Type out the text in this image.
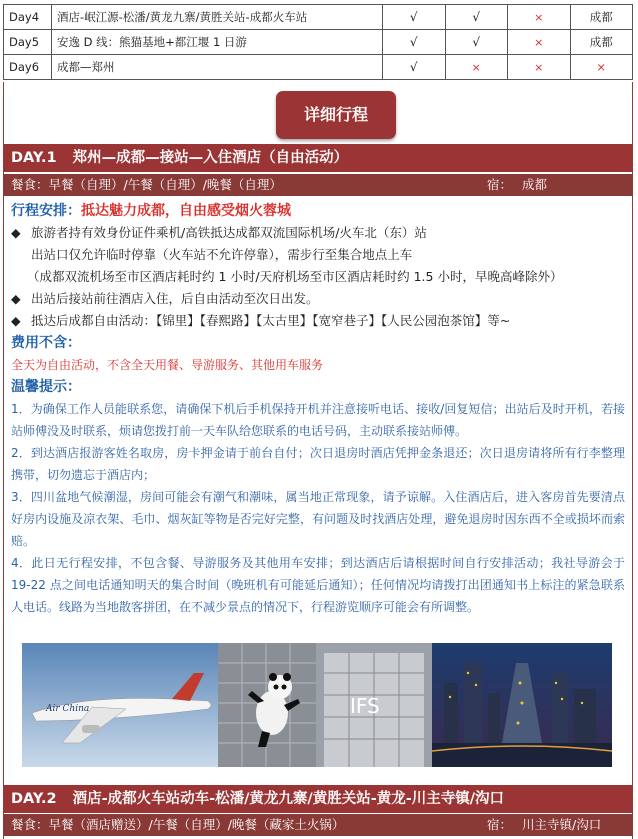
Day4	酒店-岷江源-松潘/黄龙九寨/黄胜关站-成都火车站	√	√	×	成都
Day5	安逸 D 线：熊猫基地+都江堰 1 日游	√	√	×	成都
Day6	成都—郑州	√	×	×	×
详细行程
DAY.1 郑州—成都—接站—入住酒店（自由活动）
餐食：早餐（自理）/午餐（自理）/晚餐（自理）	宿： 成都
行程安排：抵达魅力成都，自由感受烟火蓉城
◆ 旅游者持有效身份证件乘机/高铁抵达成都双流国际机场/火车北（东）站
出站口仅允许临时停靠（火车站不允许停靠），需步行至集合地点上车
（成都双流机场至市区酒店耗时约 1 小时/天府机场至市区酒店耗时约 1.5 小时，早晚高峰除外）
◆ 出站后接站前往酒店入住，后自由活动至次日出发。
◆ 抵达后成都自由活动：【锦里】【春熙路】【太古里】【宽窄巷子】【人民公园泡茶馆】等~
费用不含：
全天为自由活动，不含全天用餐、导游服务、其他用车服务
温馨提示：
1．为确保工作人员能联系您，请确保下机后手机保持开机并注意接听电话、接收/回复短信；出站后及时开机，若接站师傅没及时联系，烦请您拨打前一天车队给您联系的电话号码，主动联系接站师傅。
2．到达酒店报游客姓名取房，房卡押金请于前台自付；次日退房时酒店凭押金条退还；次日退房请将所有行李整理携带，切勿遗忘于酒店内；
3．四川盆地气候潮湿，房间可能会有潮气和潮味，属当地正常现象，请予谅解。入住酒店后，进入客房首先要清点好房内设施及凉衣架、毛巾、烟灰缸等物是否完好完整，有问题及时找酒店处理，避免退房时因东西不全或损坏而索赔。
4．此日无行程安排，不包含餐、导游服务及其他用车安排；到达酒店后请根据时间自行安排活动；我社导游会于 19-22 点之间电话通知明天的集合时间（晚班机有可能延后通知）；任何情况均请拨打出团通知书上标注的紧急联系人电话。线路为当地散客拼团，在不减少景点的情况下，行程游览顺序可能会有所调整。
Air China	IFS
DAY.2 酒店-成都火车站动车-松潘/黄龙九寨/黄胜关站-黄龙-川主寺镇/沟口
餐食：早餐（酒店赠送）/午餐（自理）/晚餐（藏家土火锅）	宿： 川主寺镇/沟口
